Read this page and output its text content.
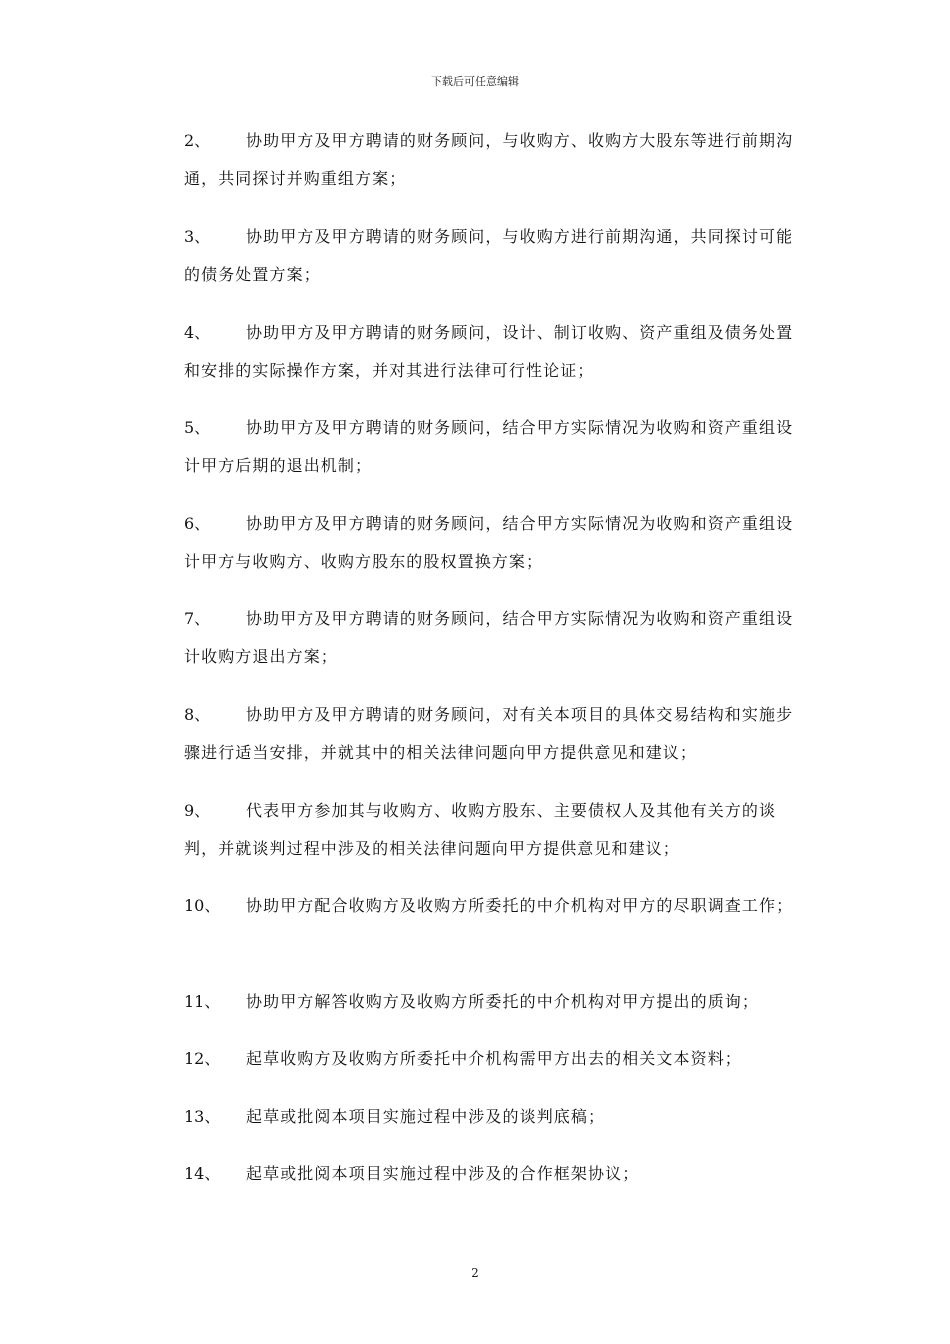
下载后可任意编辑
2、	协助甲方及甲方聘请的财务顾问，与收购方、收购方大股东等进行前期沟通，共同探讨并购重组方案；
3、	协助甲方及甲方聘请的财务顾问，与收购方进行前期沟通，共同探讨可能的债务处置方案；
4、	协助甲方及甲方聘请的财务顾问，设计、制订收购、资产重组及债务处置和安排的实际操作方案，并对其进行法律可行性论证；
5、	协助甲方及甲方聘请的财务顾问，结合甲方实际情况为收购和资产重组设计甲方后期的退出机制；
6、	协助甲方及甲方聘请的财务顾问，结合甲方实际情况为收购和资产重组设计甲方与收购方、收购方股东的股权置换方案；
7、	协助甲方及甲方聘请的财务顾问，结合甲方实际情况为收购和资产重组设计收购方退出方案；
8、	协助甲方及甲方聘请的财务顾问，对有关本项目的具体交易结构和实施步骤进行适当安排，并就其中的相关法律问题向甲方提供意见和建议；
9、	代表甲方参加其与收购方、收购方股东、主要债权人及其他有关方的谈判，并就谈判过程中涉及的相关法律问题向甲方提供意见和建议；
10、	协助甲方配合收购方及收购方所委托的中介机构对甲方的尽职调查工作；
11、	协助甲方解答收购方及收购方所委托的中介机构对甲方提出的质询；
12、	起草收购方及收购方所委托中介机构需甲方出去的相关文本资料；
13、	起草或批阅本项目实施过程中涉及的谈判底稿；
14、	起草或批阅本项目实施过程中涉及的合作框架协议；
2
